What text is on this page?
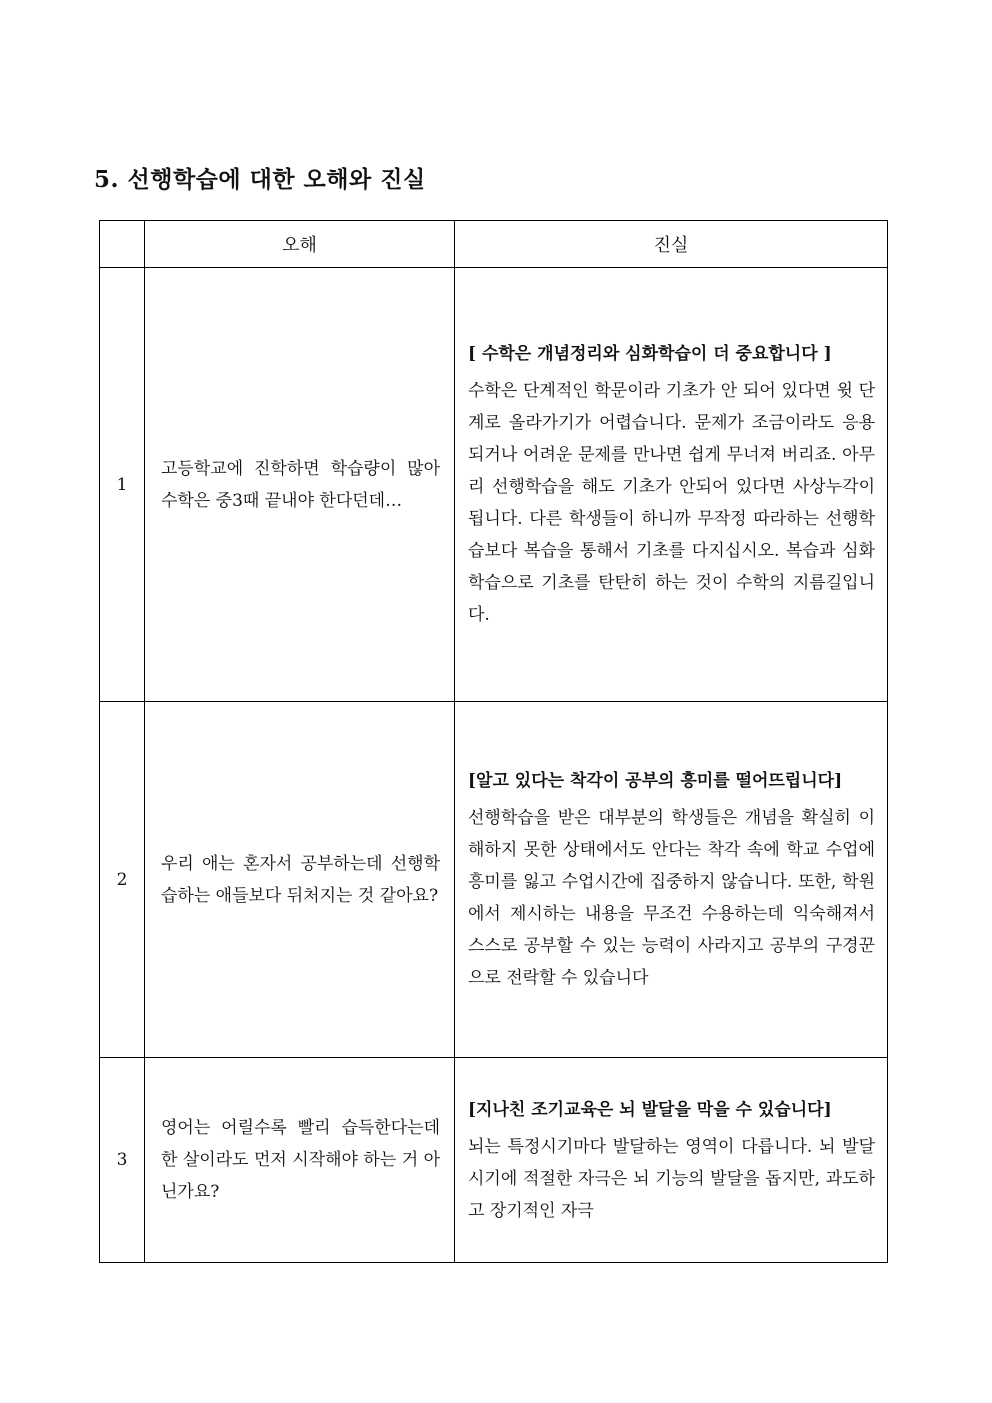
5. 선행학습에 대한 오해와 진실
	오해	진실
1	고등학교에 진학하면 학습량이 많아 수학은 중3때 끝내야 한다던데…	[ 수학은 개념정리와 심화학습이 더 중요합니다 ]

수학은 단계적인 학문이라 기초가 안 되어 있다면 윗 단계로 올라가기가 어렵습니다. 문제가 조금이라도 응용되거나 어려운 문제를 만나면 쉽게 무너져 버리죠. 아무리 선행학습을 해도 기초가 안되어 있다면 사상누각이 됩니다. 다른 학생들이 하니까 무작정 따라하는 선행학습보다 복습을 통해서 기초를 다지십시오. 복습과 심화학습으로 기초를 탄탄히 하는 것이 수학의 지름길입니다.

2	우리 애는 혼자서 공부하는데 선행학습하는 애들보다 뒤처지는 것 같아요?	[알고 있다는 착각이 공부의 흥미를 떨어뜨립니다]

선행학습을 받은 대부분의 학생들은 개념을 확실히 이해하지 못한 상태에서도 안다는 착각 속에 학교 수업에 흥미를 잃고 수업시간에 집중하지 않습니다. 또한, 학원에서 제시하는 내용을 무조건 수용하는데 익숙해져서 스스로 공부할 수 있는 능력이 사라지고 공부의 구경꾼으로 전락할 수 있습니다

3	영어는 어릴수록 빨리 습득한다는데 한 살이라도 먼저 시작해야 하는 거 아닌가요?	[지나친 조기교육은 뇌 발달을 막을 수 있습니다]

뇌는 특정시기마다 발달하는 영역이 다릅니다. 뇌 발달 시기에 적절한 자극은 뇌 기능의 발달을 돕지만, 과도하고 장기적인 자극
